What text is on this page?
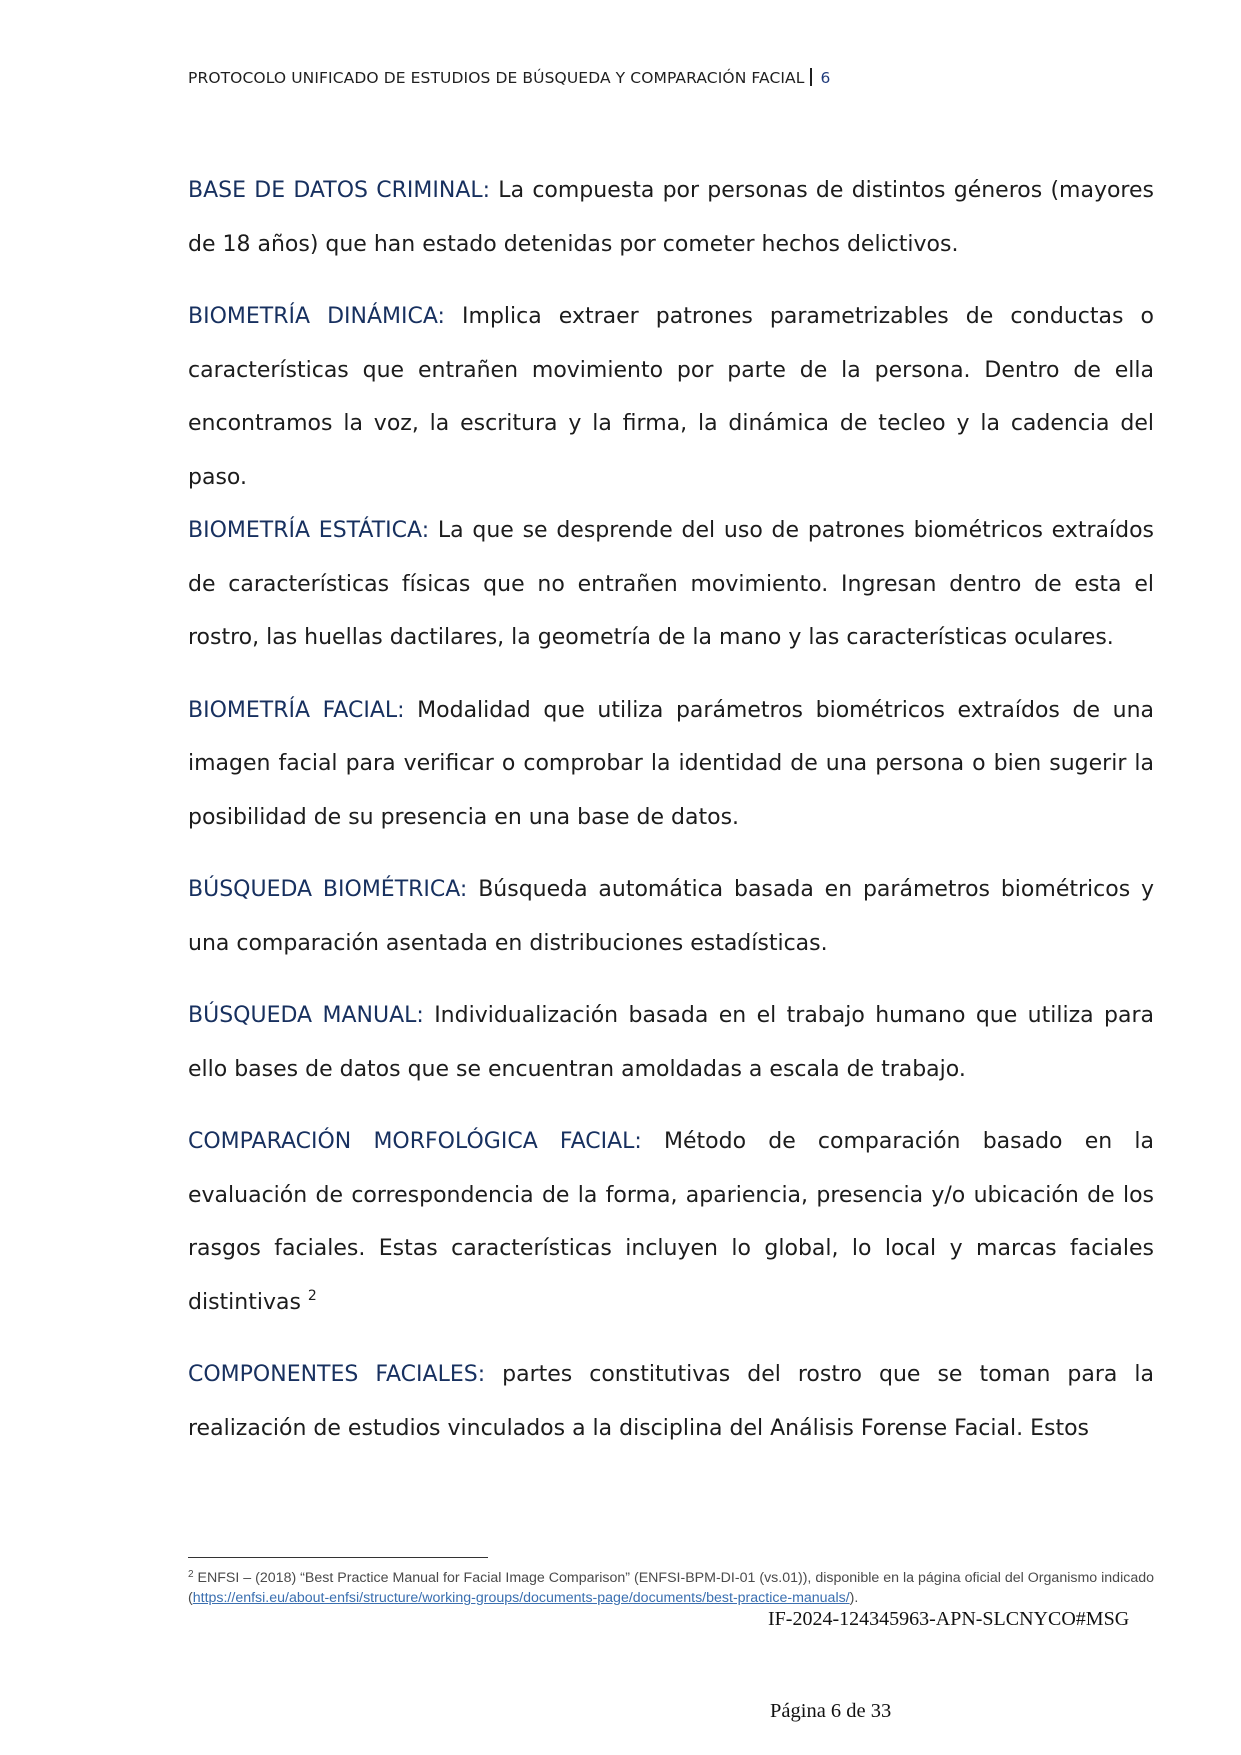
PROTOCOLO UNIFICADO DE ESTUDIOS DE BÚSQUEDA Y COMPARACIÓN FACIAL 6

BASE DE DATOS CRIMINAL: La compuesta por personas de distintos géneros (mayores de 18 años) que han estado detenidas por cometer hechos delictivos.

BIOMETRÍA DINÁMICA: Implica extraer patrones parametrizables de conductas o características que entrañen movimiento por parte de la persona. Dentro de ella encontramos la voz, la escritura y la firma, la dinámica de tecleo y la cadencia del paso.

BIOMETRÍA ESTÁTICA: La que se desprende del uso de patrones biométricos extraídos de características físicas que no entrañen movimiento. Ingresan dentro de esta el rostro, las huellas dactilares, la geometría de la mano y las características oculares.

BIOMETRÍA FACIAL: Modalidad que utiliza parámetros biométricos extraídos de una imagen facial para verificar o comprobar la identidad de una persona o bien sugerir la posibilidad de su presencia en una base de datos.

BÚSQUEDA BIOMÉTRICA: Búsqueda automática basada en parámetros biométricos y una comparación asentada en distribuciones estadísticas.

BÚSQUEDA MANUAL: Individualización basada en el trabajo humano que utiliza para ello bases de datos que se encuentran amoldadas a escala de trabajo.

COMPARACIÓN MORFOLÓGICA FACIAL: Método de comparación basado en la evaluación de correspondencia de la forma, apariencia, presencia y/o ubicación de los rasgos faciales. Estas características incluyen lo global, lo local y marcas faciales distintivas $^2$

COMPONENTES FACIALES: partes constitutivas del rostro que se toman para la realización de estudios vinculados a la disciplina del Análisis Forense Facial. Estos

$^2$ ENFSI – (2018) “Best Practice Manual for Facial Image Comparison” (ENFSI-BPM-DI-01 (vs.01)), disponible en la página oficial del Organismo indicado (https://enfsi.eu/about-enfsi/structure/working-groups/documents-page/documents/best-practice-manuals/).
IF-2024-124345963-APN-SLCNYCO#MSG
Página 6 de 33
